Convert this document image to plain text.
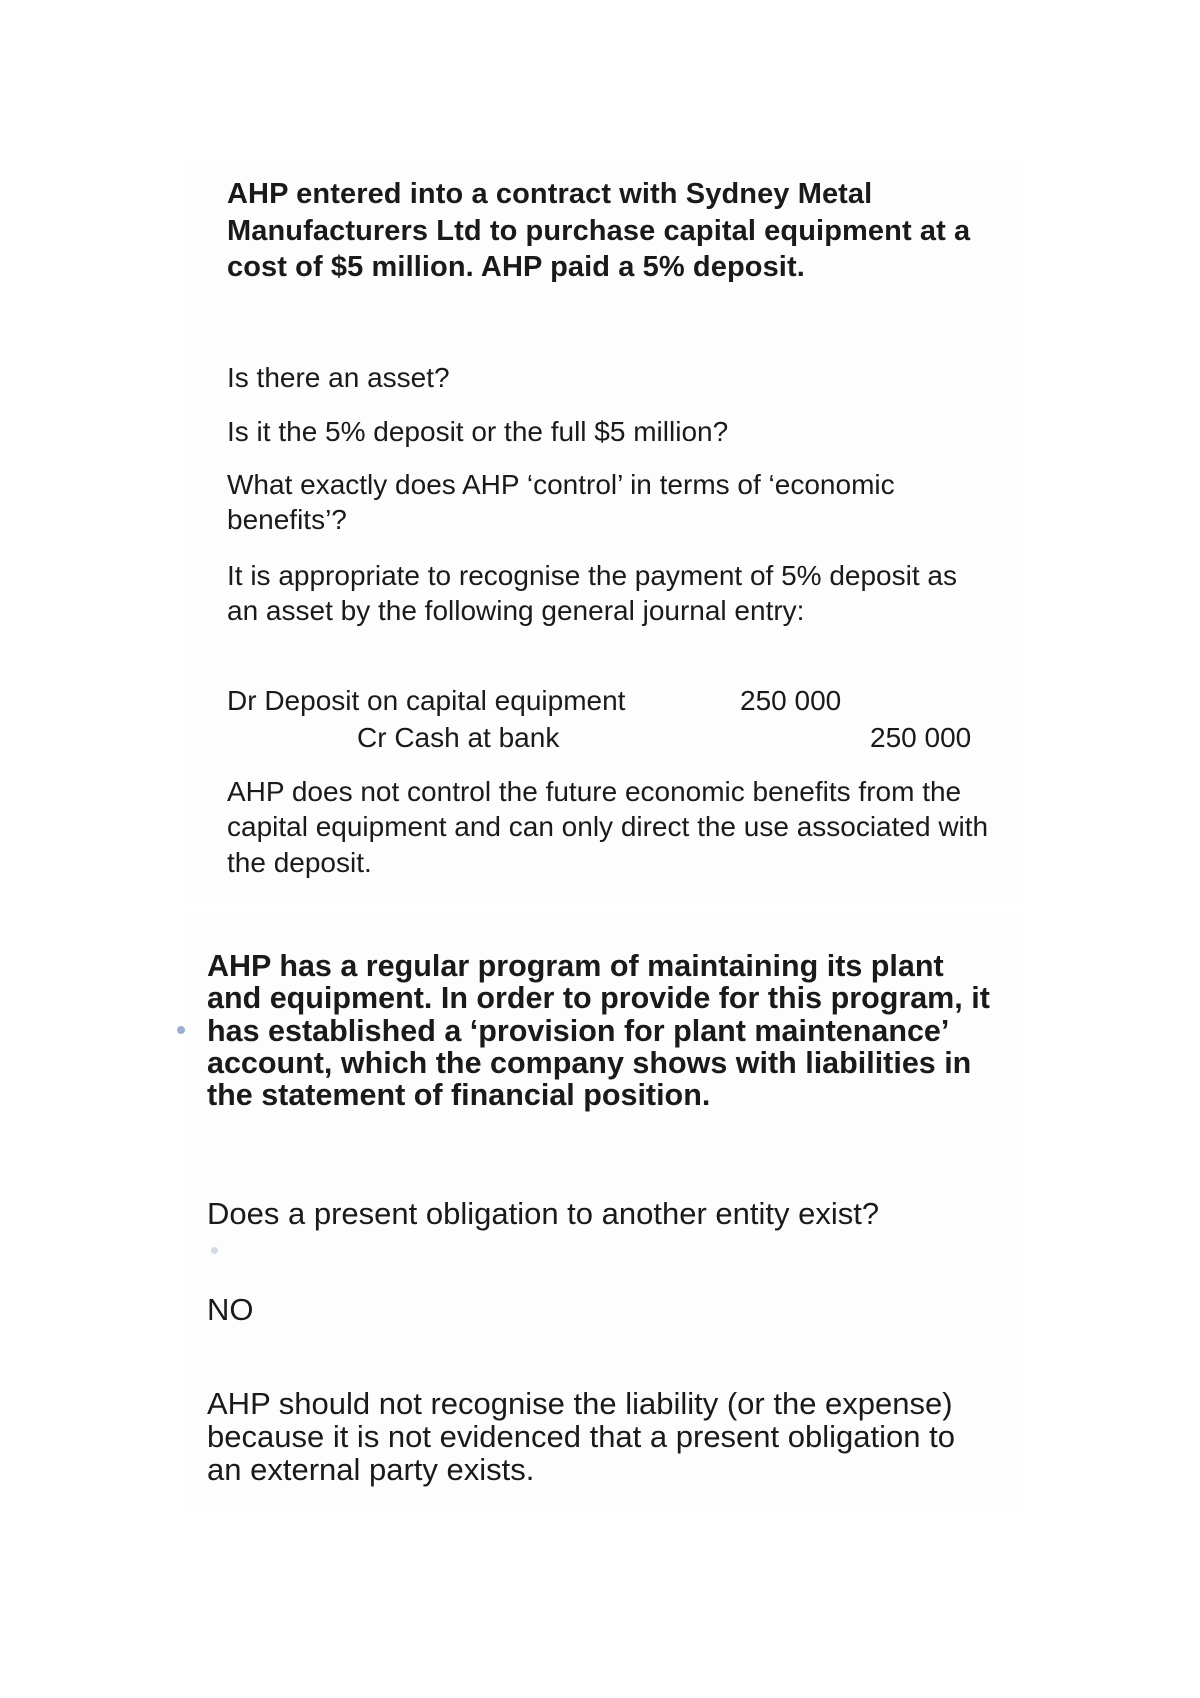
AHP entered into a contract with Sydney Metal Manufacturers Ltd to purchase capital equipment at a cost of $5 million. AHP paid a 5% deposit.

Is there an asset?

Is it the 5% deposit or the full $5 million?

What exactly does AHP ‘control’ in terms of ‘economic benefits’?

It is appropriate to recognise the payment of 5% deposit as an asset by the following general journal entry:

Dr Deposit on capital equipment	250 000
Cr Cash at bank	250 000

AHP does not control the future economic benefits from the capital equipment and can only direct the use associated with the deposit.

AHP has a regular program of maintaining its plant and equipment. In order to provide for this program, it has established a ‘provision for plant maintenance’ account, which the company shows with liabilities in the statement of financial position.

Does a present obligation to another entity exist?

NO

AHP should not recognise the liability (or the expense) because it is not evidenced that a present obligation to an external party exists.
